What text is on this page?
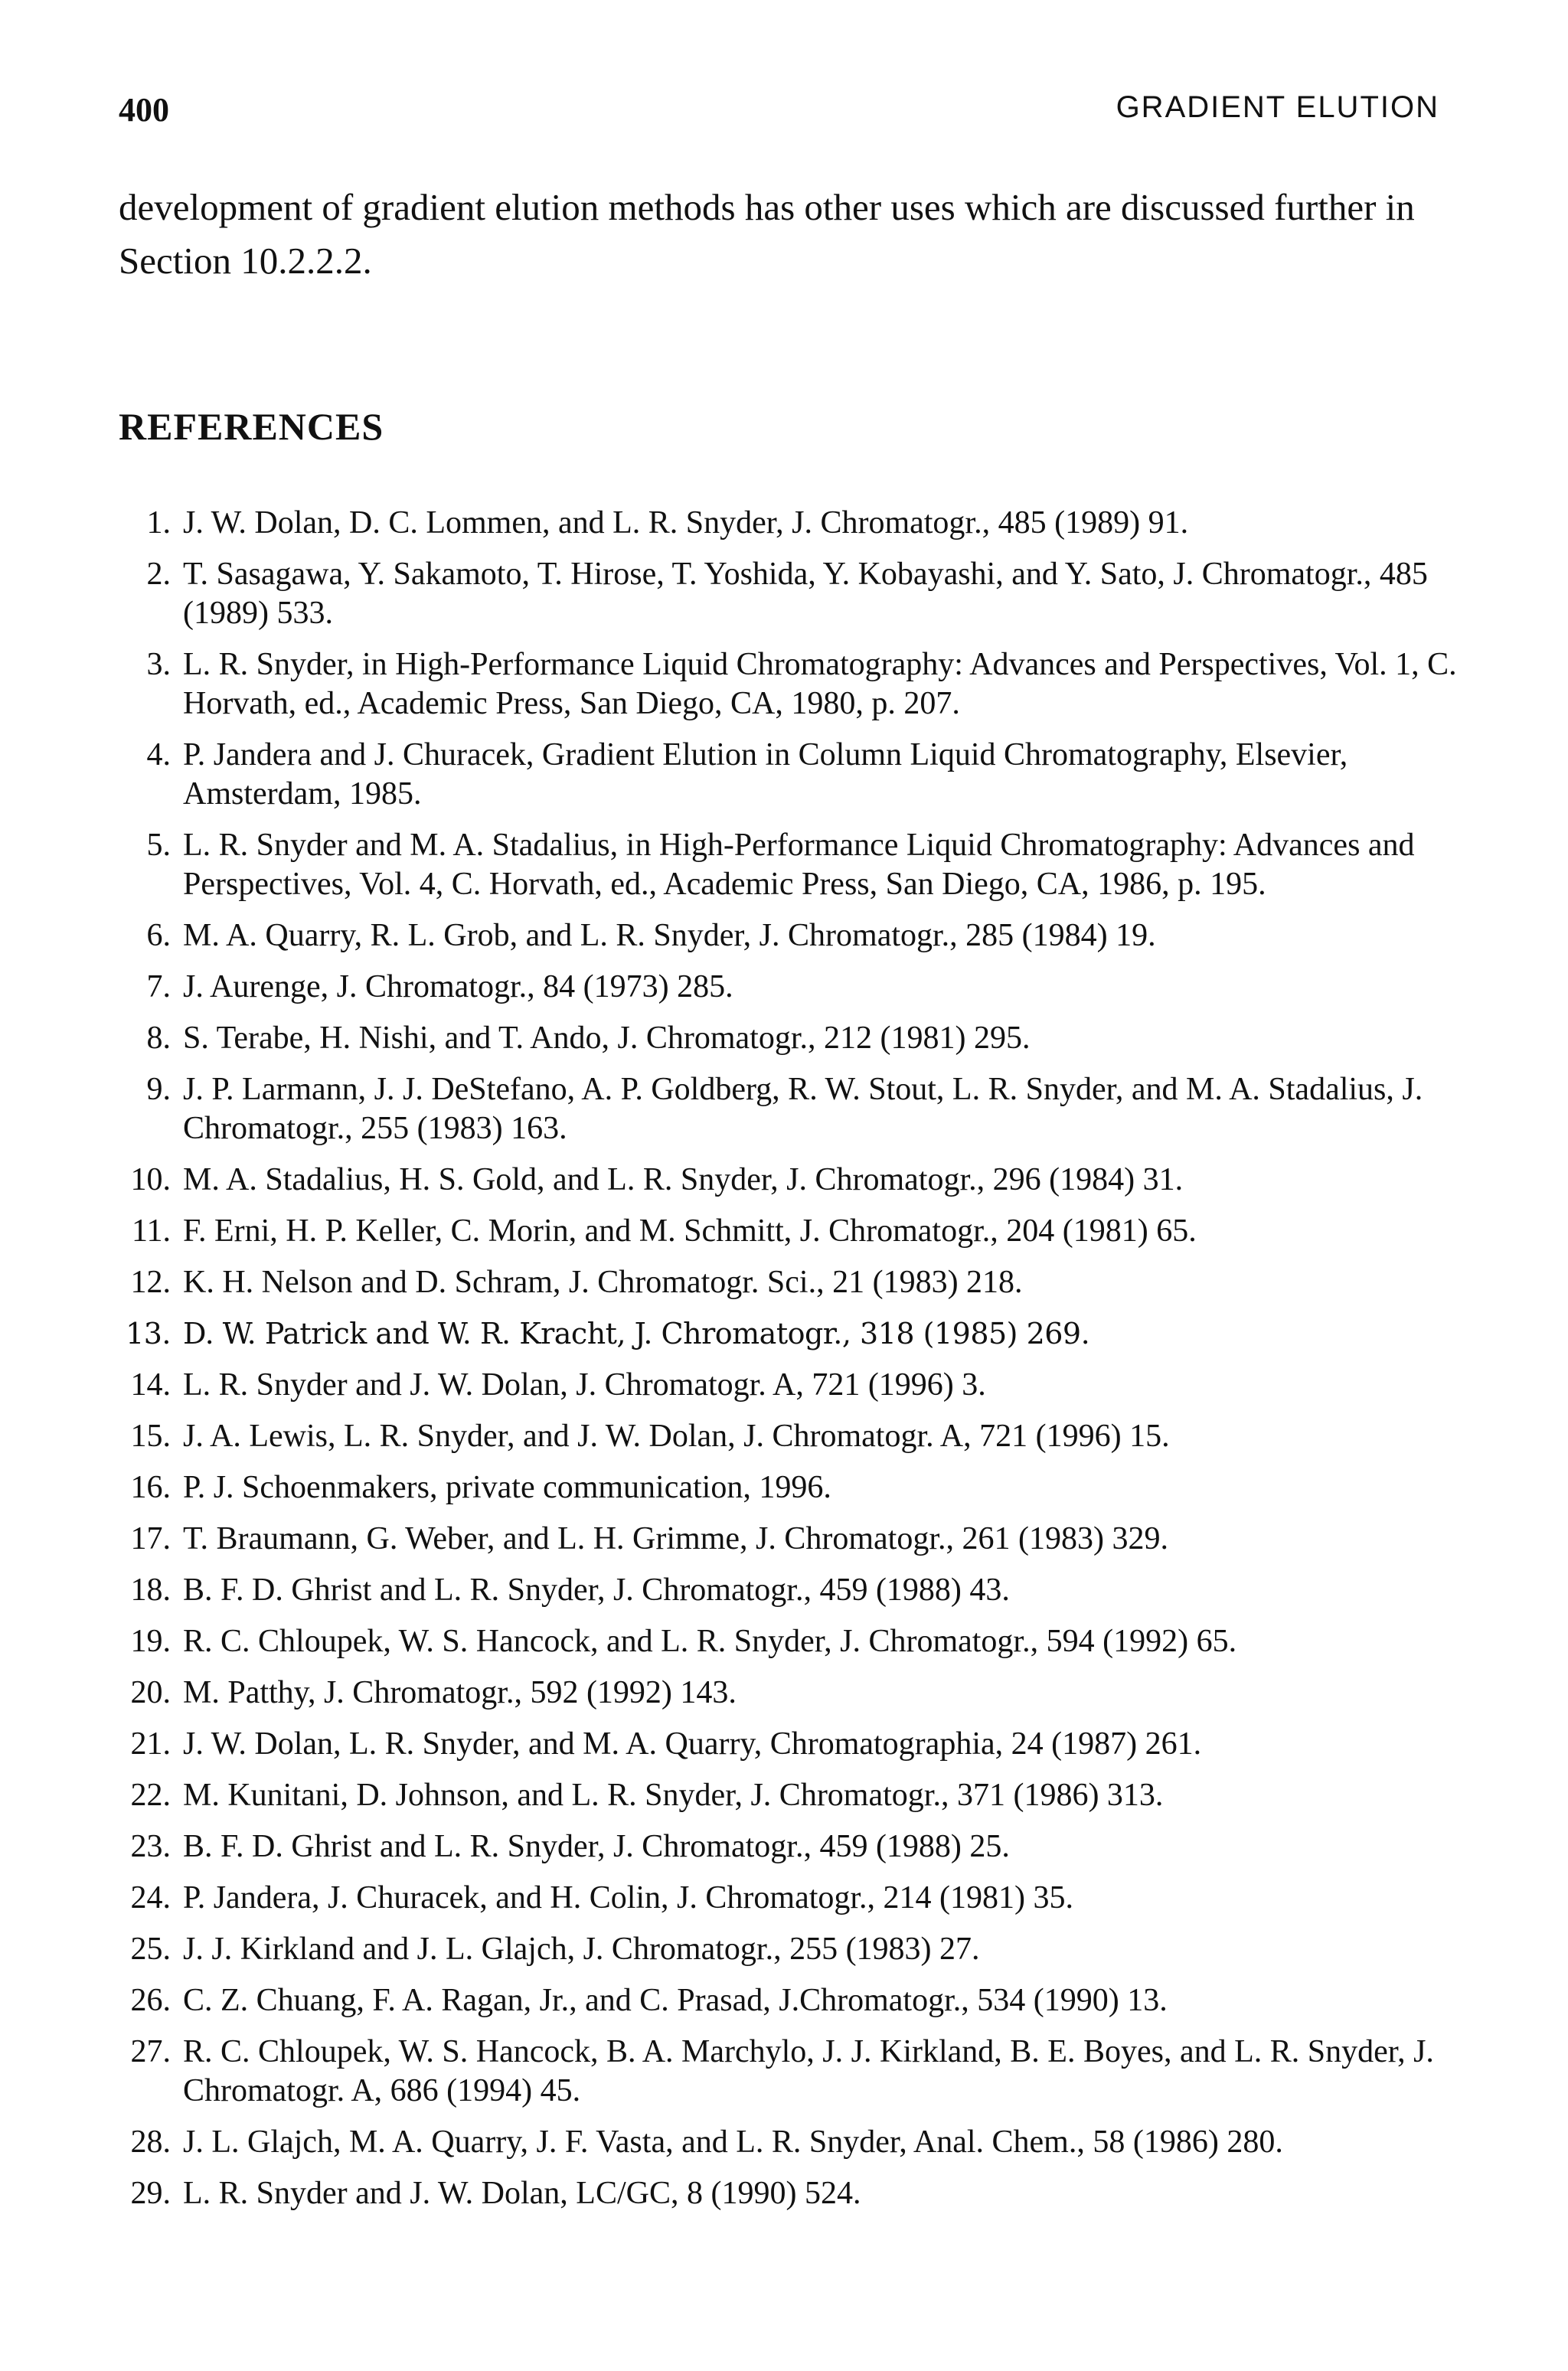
400	GRADIENT ELUTION

development of gradient elution methods has other uses which are discussed further in Section 10.2.2.2.

REFERENCES
1. J. W. Dolan, D. C. Lommen, and L. R. Snyder, J. Chromatogr., 485 (1989) 91.
2. T. Sasagawa, Y. Sakamoto, T. Hirose, T. Yoshida, Y. Kobayashi, and Y. Sato, J. Chromatogr., 485 (1989) 533.
3. L. R. Snyder, in High-Performance Liquid Chromatography: Advances and Perspectives, Vol. 1, C. Horvath, ed., Academic Press, San Diego, CA, 1980, p. 207.
4. P. Jandera and J. Churacek, Gradient Elution in Column Liquid Chromatography, Elsevier, Amsterdam, 1985.
5. L. R. Snyder and M. A. Stadalius, in High-Performance Liquid Chromatography: Advances and Perspectives, Vol. 4, C. Horvath, ed., Academic Press, San Diego, CA, 1986, p. 195.
6. M. A. Quarry, R. L. Grob, and L. R. Snyder, J. Chromatogr., 285 (1984) 19.
7. J. Aurenge, J. Chromatogr., 84 (1973) 285.
8. S. Terabe, H. Nishi, and T. Ando, J. Chromatogr., 212 (1981) 295.
9. J. P. Larmann, J. J. DeStefano, A. P. Goldberg, R. W. Stout, L. R. Snyder, and M. A. Stadalius, J. Chromatogr., 255 (1983) 163.
10. M. A. Stadalius, H. S. Gold, and L. R. Snyder, J. Chromatogr., 296 (1984) 31.
11. F. Erni, H. P. Keller, C. Morin, and M. Schmitt, J. Chromatogr., 204 (1981) 65.
12. K. H. Nelson and D. Schram, J. Chromatogr. Sci., 21 (1983) 218.
13. D. W. Patrick and W. R. Kracht, J. Chromatogr., 318 (1985) 269.
14. L. R. Snyder and J. W. Dolan, J. Chromatogr. A, 721 (1996) 3.
15. J. A. Lewis, L. R. Snyder, and J. W. Dolan, J. Chromatogr. A, 721 (1996) 15.
16. P. J. Schoenmakers, private communication, 1996.
17. T. Braumann, G. Weber, and L. H. Grimme, J. Chromatogr., 261 (1983) 329.
18. B. F. D. Ghrist and L. R. Snyder, J. Chromatogr., 459 (1988) 43.
19. R. C. Chloupek, W. S. Hancock, and L. R. Snyder, J. Chromatogr., 594 (1992) 65.
20. M. Patthy, J. Chromatogr., 592 (1992) 143.
21. J. W. Dolan, L. R. Snyder, and M. A. Quarry, Chromatographia, 24 (1987) 261.
22. M. Kunitani, D. Johnson, and L. R. Snyder, J. Chromatogr., 371 (1986) 313.
23. B. F. D. Ghrist and L. R. Snyder, J. Chromatogr., 459 (1988) 25.
24. P. Jandera, J. Churacek, and H. Colin, J. Chromatogr., 214 (1981) 35.
25. J. J. Kirkland and J. L. Glajch, J. Chromatogr., 255 (1983) 27.
26. C. Z. Chuang, F. A. Ragan, Jr., and C. Prasad, J.Chromatogr., 534 (1990) 13.
27. R. C. Chloupek, W. S. Hancock, B. A. Marchylo, J. J. Kirkland, B. E. Boyes, and L. R. Snyder, J. Chromatogr. A, 686 (1994) 45.
28. J. L. Glajch, M. A. Quarry, J. F. Vasta, and L. R. Snyder, Anal. Chem., 58 (1986) 280.
29. L. R. Snyder and J. W. Dolan, LC/GC, 8 (1990) 524.
